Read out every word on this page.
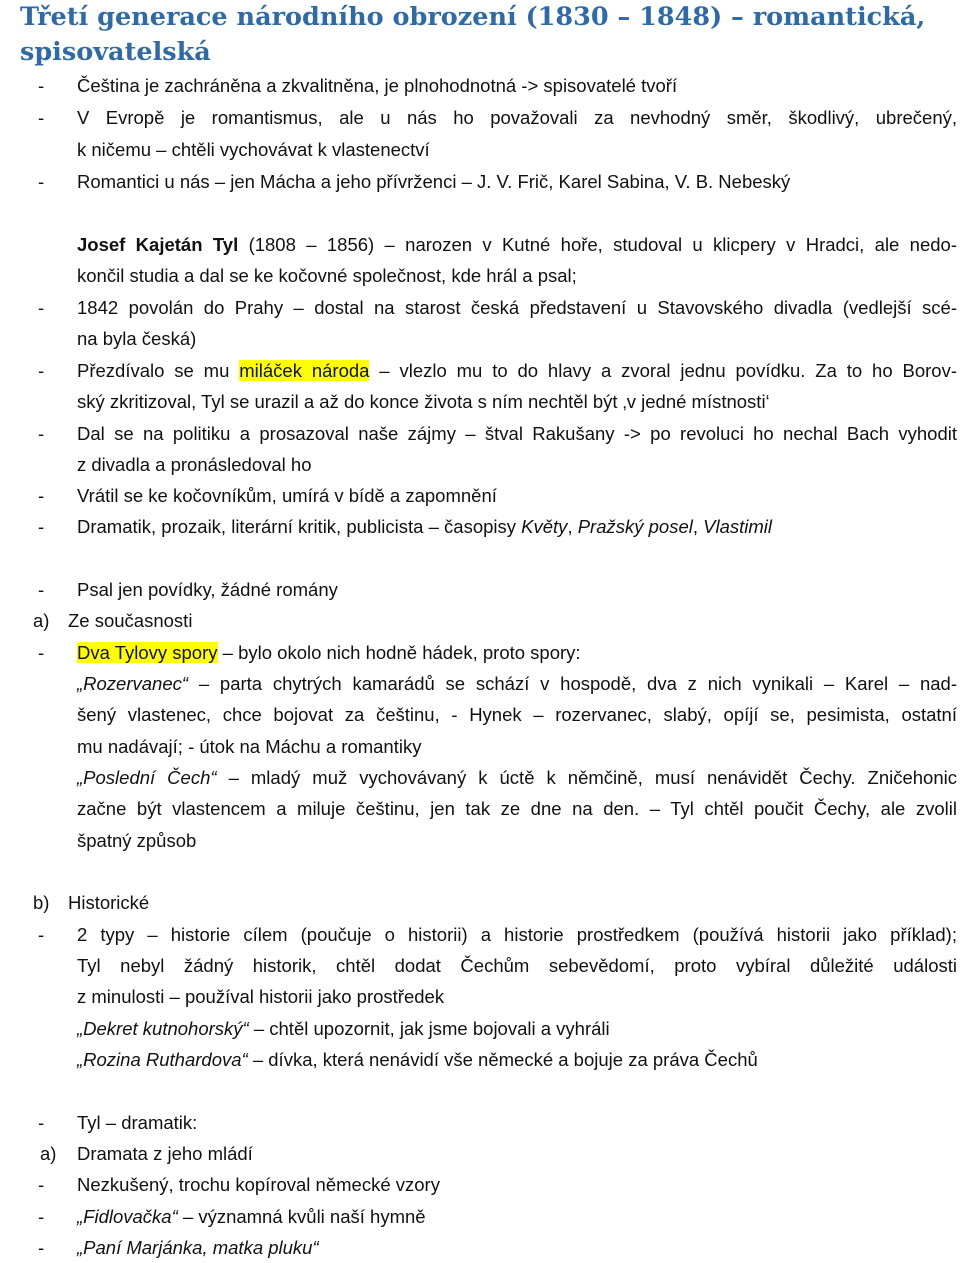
Třetí generace národního obrození (1830 – 1848) – romantická, spisovatelská
- Čeština je zachráněna a zkvalitněna, je plnohodnotná -> spisovatelé tvoří
- V Evropě je romantismus, ale u nás ho považovali za nevhodný směr, škodlivý, ubrečený,
k ničemu – chtěli vychovávat k vlastenectví
- Romantici u nás – jen Mácha a jeho přívrženci – J. V. Frič, Karel Sabina, V. B. Nebeský
Josef Kajetán Tyl (1808 – 1856) – narozen v Kutné hoře, studoval u klicpery v Hradci, ale nedo-
končil studia a dal se ke kočovné společnost, kde hrál a psal;
- 1842 povolán do Prahy – dostal na starost česká představení u Stavovského divadla (vedlejší scé-
na byla česká)
- Přezdívalo se mu miláček národa – vlezlo mu to do hlavy a zvoral jednu povídku. Za to ho Borov-
ský zkritizoval, Tyl se urazil a až do konce života s ním nechtěl být ‚v jedné místnosti‘
- Dal se na politiku a prosazoval naše zájmy – štval Rakušany -> po revoluci ho nechal Bach vyhodit
z divadla a pronásledoval ho
- Vrátil se ke kočovníkům, umírá v bídě a zapomnění
- Dramatik, prozaik, literární kritik, publicista – časopisy Květy, Pražský posel, Vlastimil
- Psal jen povídky, žádné romány
a) Ze současnosti
- Dva Tylovy spory – bylo okolo nich hodně hádek, proto spory:
„Rozervanec“ – parta chytrých kamarádů se schází v hospodě, dva z nich vynikali – Karel – nad-
šený vlastenec, chce bojovat za češtinu, - Hynek – rozervanec, slabý, opíjí se, pesimista, ostatní
mu nadávají; - útok na Máchu a romantiky
„Poslední Čech“ – mladý muž vychovávaný k úctě k němčině, musí nenávidět Čechy. Zničehonic
začne být vlastencem a miluje češtinu, jen tak ze dne na den. – Tyl chtěl poučit Čechy, ale zvolil
špatný způsob
b) Historické
- 2 typy – historie cílem (poučuje o historii) a historie prostředkem (používá historii jako příklad);
Tyl nebyl žádný historik, chtěl dodat Čechům sebevědomí, proto vybíral důležité události
z minulosti – používal historii jako prostředek
„Dekret kutnohorský“ – chtěl upozornit, jak jsme bojovali a vyhráli
„Rozina Ruthardova“ – dívka, která nenávidí vše německé a bojuje za práva Čechů
- Tyl – dramatik:
a) Dramata z jeho mládí
- Nezkušený, trochu kopíroval německé vzory
- „Fidlovačka“ – významná kvůli naší hymně
- „Paní Marjánka, matka pluku“
